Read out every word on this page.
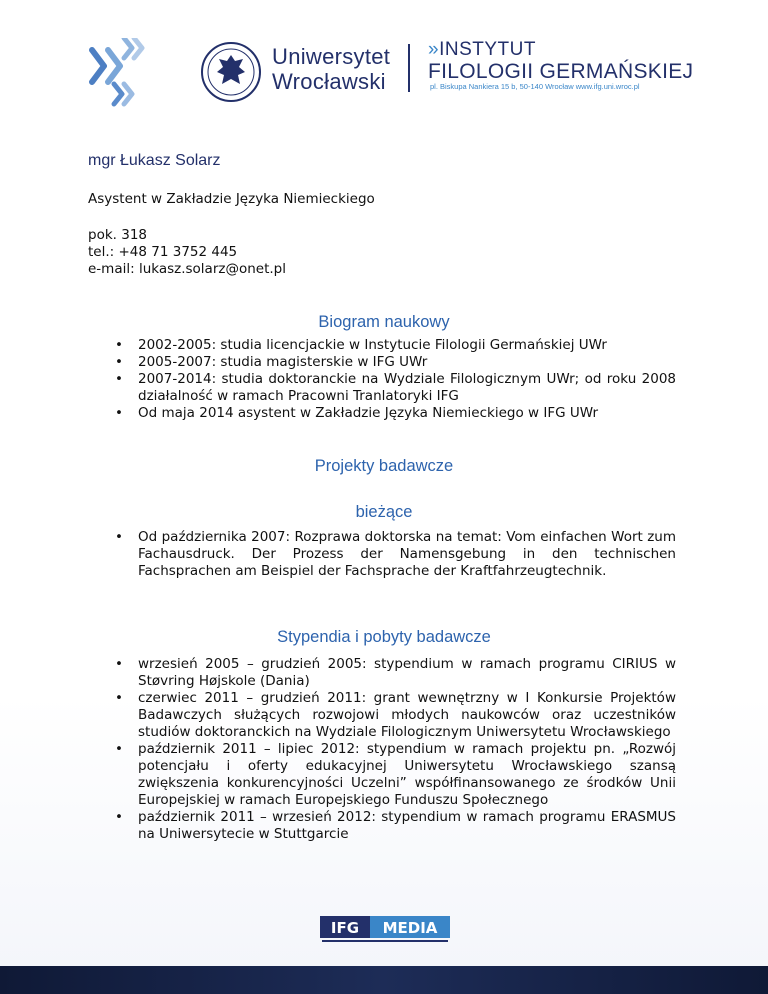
Uniwersytet
Wrocławski
»INSTYTUT
FILOLOGII GERMAŃSKIEJ
pl. Biskupa Nankiera 15 b, 50-140 Wrocław www.ifg.uni.wroc.pl
mgr Łukasz Solarz
Asystent w Zakładzie Języka Niemieckiego
pok. 318
tel.: +48 71 3752 445
e-mail: lukasz.solarz@onet.pl
Biogram naukowy
• 2002-2005: studia licencjackie w Instytucie Filologii Germańskiej UWr
• 2005-2007: studia magisterskie w IFG UWr
• 2007-2014: studia doktoranckie na Wydziale Filologicznym UWr; od roku 2008 działalność w ramach Pracowni Tranlatoryki IFG
• Od maja 2014 asystent w Zakładzie Języka Niemieckiego w IFG UWr
Projekty badawcze
bieżące
• Od października 2007: Rozprawa doktorska na temat: Vom einfachen Wort zum Fachausdruck. Der Prozess der Namensgebung in den technischen Fachsprachen am Beispiel der Fachsprache der Kraftfahrzeugtechnik.
Stypendia i pobyty badawcze
• wrzesień 2005 – grudzień 2005: stypendium w ramach programu CIRIUS w Støvring Højskole (Dania)
• czerwiec 2011 – grudzień 2011: grant wewnętrzny w I Konkursie Projektów Badawczych służących rozwojowi młodych naukowców oraz uczestników studiów doktoranckich na Wydziale Filologicznym Uniwersytetu Wrocławskiego
• październik 2011 – lipiec 2012: stypendium w ramach projektu pn. „Rozwój potencjału i oferty edukacyjnej Uniwersytetu Wrocławskiego szansą zwiększenia konkurencyjności Uczelni” współfinansowanego ze środków Unii Europejskiej w ramach Europejskiego Funduszu Społecznego
• październik 2011 – wrzesień 2012: stypendium w ramach programu ERASMUS na Uniwersytecie w Stuttgarcie
IFG MEDIA
